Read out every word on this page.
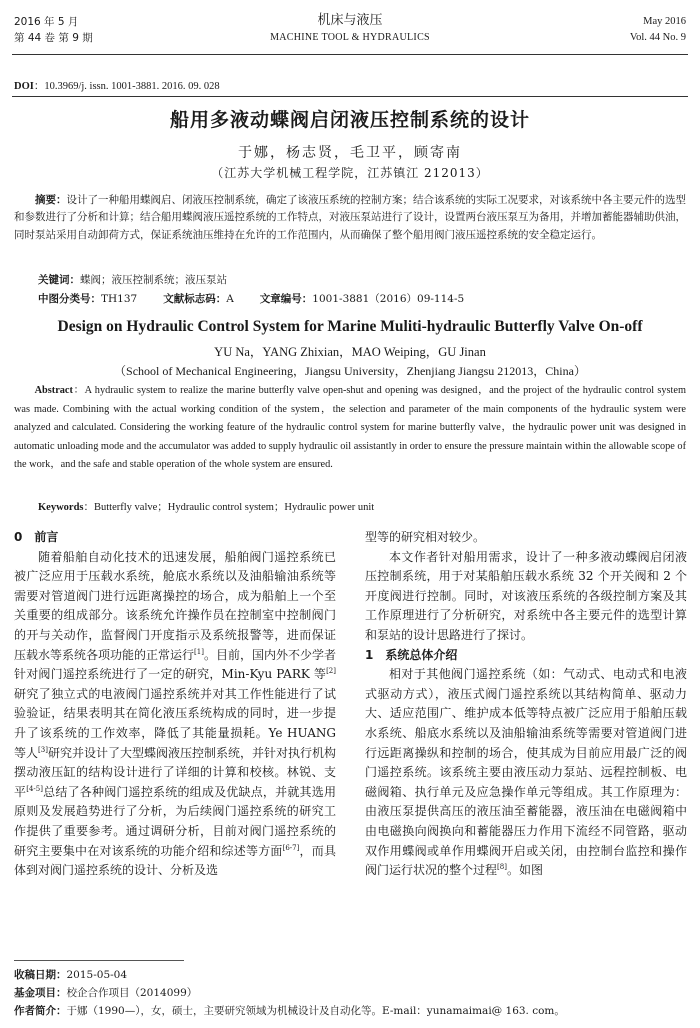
2016 年 5 月
第 44 卷 第 9 期
机床与液压
MACHINE TOOL & HYDRAULICS
May 2016
Vol. 44 No. 9
DOI：10.3969/j. issn. 1001-3881. 2016. 09. 028
船用多液动蝶阀启闭液压控制系统的设计
于娜，杨志贤，毛卫平，顾寄南
（江苏大学机械工程学院，江苏镇江 212013）
摘要：设计了一种船用蝶阀启、闭液压控制系统，确定了该液压系统的控制方案；结合该系统的实际工况要求，对该系统中各主要元件的选型和参数进行了分析和计算；结合船用蝶阀液压遥控系统的工作特点，对液压泵站进行了设计，设置两台液压泵互为备用，并增加蓄能器辅助供油，同时泵站采用自动卸荷方式，保证系统油压维持在允许的工作范围内，从而确保了整个船用阀门液压遥控系统的安全稳定运行。
关键词：蝶阀；液压控制系统；液压泵站
中图分类号：TH137 文献标志码：A 文章编号：1001-3881（2016）09-114-5
Design on Hydraulic Control System for Marine Muliti-hydraulic Butterfly Valve On-off
YU Na，YANG Zhixian，MAO Weiping，GU Jinan
（School of Mechanical Engineering，Jiangsu University，Zhenjiang Jiangsu 212013，China）
Abstract：A hydraulic system to realize the marine butterfly valve open-shut and opening was designed，and the project of the hydraulic control system was made. Combining with the actual working condition of the system，the selection and parameter of the main components of the hydraulic system were analyzed and calculated. Considering the working feature of the hydraulic control system for marine butterfly valve，the hydraulic power unit was designed in automatic unloading mode and the accumulator was added to supply hydraulic oil assistantly in order to ensure the pressure maintain within the allowable scope of the work，and the safe and stable operation of the whole system are ensured.
Keywords：Butterfly valve；Hydraulic control system；Hydraulic power unit

0　前言

随着船舶自动化技术的迅速发展，船舶阀门遥控系统已被广泛应用于压载水系统，舱底水系统以及油船输油系统等需要对管道阀门进行远距离操控的场合，成为船舶上一个至关重要的组成部分。该系统允许操作员在控制室中控制阀门的开与关动作，监督阀门开度指示及系统报警等，进而保证压载水等系统各项功能的正常运行[1]。目前，国内外不少学者针对阀门遥控系统进行了一定的研究，Min-Kyu PARK 等[2]研究了独立式的电液阀门遥控系统并对其工作性能进行了试验验证，结果表明其在简化液压系统构成的同时，进一步提升了该系统的工作效率，降低了其能量损耗。Ye HUANG 等人[3]研究并设计了大型蝶阀液压控制系统，并针对执行机构摆动液压缸的结构设计进行了详细的计算和校核。林锐、支平[4-5]总结了各种阀门遥控系统的组成及优缺点，并就其选用原则及发展趋势进行了分析，为后续阀门遥控系统的研究工作提供了重要参考。通过调研分析，目前对阀门遥控系统的研究主要集中在对该系统的功能介绍和综述等方面[6-7]，而具体到对阀门遥控系统的设计、分析及选

型等的研究相对较少。

本文作者针对船用需求，设计了一种多液动蝶阀启闭液压控制系统，用于对某船舶压载水系统 32 个开关阀和 2 个开度阀进行控制。同时，对该液压系统的各级控制方案及其工作原理进行了分析研究，对系统中各主要元件的选型计算和泵站的设计思路进行了探讨。

1　系统总体介绍

相对于其他阀门遥控系统（如：气动式、电动式和电液式驱动方式），液压式阀门遥控系统以其结构简单、驱动力大、适应范围广、维护成本低等特点被广泛应用于船舶压载水系统、船底水系统以及油船输油系统等需要对管道阀门进行远距离操纵和控制的场合，使其成为目前应用最广泛的阀门遥控系统。该系统主要由液压动力泵站、远程控制板、电磁阀箱、执行单元及应急操作单元等组成。其工作原理为：由液压泵提供高压的液压油至蓄能器，液压油在电磁阀箱中由电磁换向阀换向和蓄能器压力作用下流经不同管路，驱动双作用蝶阀或单作用蝶阀开启或关闭，由控制台监控和操作阀门运行状况的整个过程[8]。如图

收稿日期：2015-05-04
基金项目：校企合作项目（2014099）
作者简介：于娜（1990—），女，硕士，主要研究领域为机械设计及自动化等。E-mail：yunamaimai@ 163. com。
